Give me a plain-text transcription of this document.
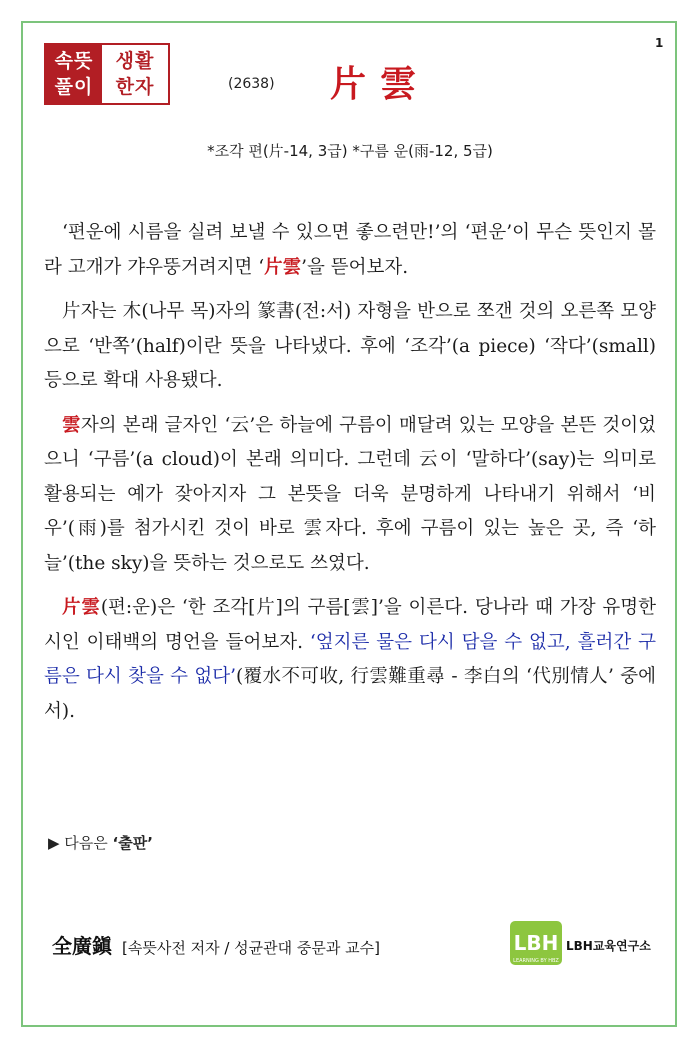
1
속뜻
풀이
생활
한자	(2638) 片雲
*조각 편(片-14, 3급) *구름 운(雨-12, 5급)

‘편운에 시름을 실려 보낼 수 있으면 좋으련만!’의 ‘편운’이 무슨 뜻인지 몰라 고개가 갸우뚱거려지면 ‘片雲’을 뜯어보자.

片자는 木(나무 목)자의 篆書(전:서) 자형을 반으로 쪼갠 것의 오른쪽 모양으로 ‘반쪽’(half)이란 뜻을 나타냈다. 후에 ‘조각’(a piece) ‘작다’(small) 등으로 확대 사용됐다.

雲자의 본래 글자인 ‘云’은 하늘에 구름이 매달려 있는 모양을 본뜬 것이었으니 ‘구름’(a cloud)이 본래 의미다. 그런데 云이 ‘말하다’(say)는 의미로 활용되는 예가 잦아지자 그 본뜻을 더욱 분명하게 나타내기 위해서 ‘비 우’(雨)를 첨가시킨 것이 바로 雲자다. 후에 구름이 있는 높은 곳, 즉 ‘하늘’(the sky)을 뜻하는 것으로도 쓰였다.

片雲(편:운)은 ‘한 조각[片]의 구름[雲]’을 이른다. 당나라 때 가장 유명한 시인 이태백의 명언을 들어보자. ‘엎지른 물은 다시 담을 수 없고, 흘러간 구름은 다시 찾을 수 없다’(覆水不可收, 行雲難重尋 - 李白의 ‘代別情人’ 중에서).

▶ 다음은 ‘출판’
全廣鎭 [속뜻사전 저자 / 성균관대 중문과 교수]	LBH
LEARNING BY HBZ
LBH교육연구소
